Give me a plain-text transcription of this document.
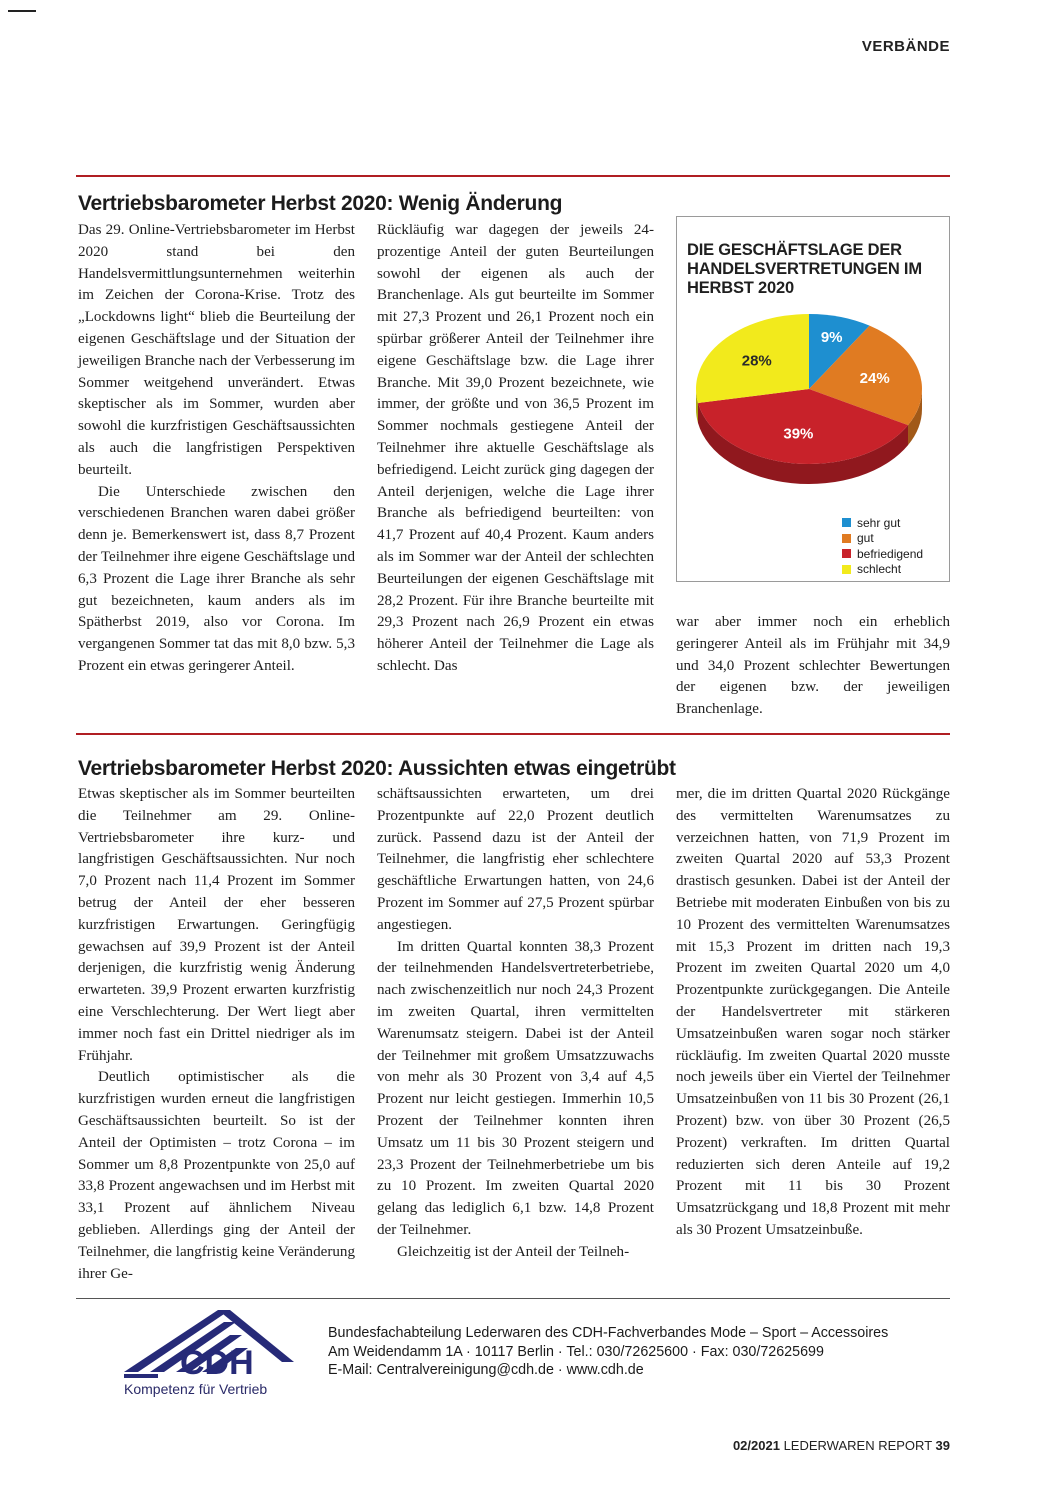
VERBÄNDE
Vertriebsbarometer Herbst 2020: Wenig Änderung

Das 29. Online-Vertriebsbarometer im Herbst 2020 stand bei den Handelsvermittlungsunternehmen weiterhin im Zeichen der Corona-Krise. Trotz des „Lockdowns light“ blieb die Beurteilung der eigenen Geschäftslage und der Situation der jeweiligen Branche nach der Verbesserung im Sommer weitgehend unverändert. Etwas skeptischer als im Sommer, wurden aber sowohl die kurzfristigen Geschäftsaussichten als auch die langfristigen Perspektiven beurteilt.

Die Unterschiede zwischen den verschiedenen Branchen waren dabei größer denn je. Bemerkenswert ist, dass 8,7 Prozent der Teilnehmer ihre eigene Geschäftslage und 6,3 Prozent die Lage ihrer Branche als sehr gut bezeichneten, kaum anders als im Spätherbst 2019, also vor Corona. Im vergangenen Sommer tat das mit 8,0 bzw. 5,3 Prozent ein etwas geringerer Anteil.

Rückläufig war dagegen der jeweils 24-prozentige Anteil der guten Beurteilungen sowohl der eigenen als auch der Branchenlage. Als gut beurteilte im Sommer mit 27,3 Prozent und 26,1 Prozent noch ein spürbar größerer Anteil der Teilnehmer ihre eigene Geschäftslage bzw. die Lage ihrer Branche. Mit 39,0 Prozent bezeichnete, wie immer, der größte und von 36,5 Prozent im Sommer nochmals gestiegene Anteil der Teilnehmer ihre aktuelle Geschäftslage als befriedigend. Leicht zurück ging dagegen der Anteil derjenigen, welche die Lage ihrer Branche als befriedigend beurteilten: von 41,7 Prozent auf 40,4 Prozent. Kaum anders als im Sommer war der Anteil der schlechten Beurteilungen der eigenen Geschäftslage mit 28,2 Prozent. Für ihre Branche beurteilte mit 29,3 Prozent nach 26,9 Prozent ein etwas höherer Anteil der Teilnehmer die Lage als schlecht. Das

DIE GESCHÄFTSLAGE DER HANDELSVERTRETUNGEN IM HERBST 2020
9%
24%
39%
28%
sehr gut
gut
befriedigend
schlecht

war aber immer noch ein erheblich geringerer Anteil als im Frühjahr mit 34,9 und 34,0 Prozent schlechter Bewertungen der eigenen bzw. der jeweiligen Branchenlage.

Vertriebsbarometer Herbst 2020: Aussichten etwas eingetrübt

Etwas skeptischer als im Sommer beurteilten die Teilnehmer am 29. Online-Vertriebsbarometer ihre kurz- und langfristigen Geschäftsaussichten. Nur noch 7,0 Prozent nach 11,4 Prozent im Sommer betrug der Anteil der eher besseren kurzfristigen Erwartungen. Geringfügig gewachsen auf 39,9 Prozent ist der Anteil derjenigen, die kurzfristig wenig Änderung erwarteten. 39,9 Prozent erwarten kurzfristig eine Verschlechterung. Der Wert liegt aber immer noch fast ein Drittel niedriger als im Frühjahr.

Deutlich optimistischer als die kurzfristigen wurden erneut die langfristigen Geschäftsaussichten beurteilt. So ist der Anteil der Optimisten – trotz Corona – im Sommer um 8,8 Prozentpunkte von 25,0 auf 33,8 Prozent angewachsen und im Herbst mit 33,1 Prozent auf ähnlichem Niveau geblieben. Allerdings ging der Anteil der Teilnehmer, die langfristig keine Veränderung ihrer Ge-

schäftsaussichten erwarteten, um drei Prozentpunkte auf 22,0 Prozent deutlich zurück. Passend dazu ist der Anteil der Teilnehmer, die langfristig eher schlechtere geschäftliche Erwartungen hatten, von 24,6 Prozent im Sommer auf 27,5 Prozent spürbar angestiegen.

Im dritten Quartal konnten 38,3 Prozent der teilnehmenden Handelsvertreterbetriebe, nach zwischenzeitlich nur noch 24,3 Prozent im zweiten Quartal, ihren vermittelten Warenumsatz steigern. Dabei ist der Anteil der Teilnehmer mit großem Umsatzzuwachs von mehr als 30 Prozent von 3,4 auf 4,5 Prozent nur leicht gestiegen. Immerhin 10,5 Prozent der Teilnehmer konnten ihren Umsatz um 11 bis 30 Prozent steigern und 23,3 Prozent der Teilnehmerbetriebe um bis zu 10 Prozent. Im zweiten Quartal 2020 gelang das lediglich 6,1 bzw. 14,8 Prozent der Teilnehmer.

Gleichzeitig ist der Anteil der Teilneh-

mer, die im dritten Quartal 2020 Rückgänge des vermittelten Warenumsatzes zu verzeichnen hatten, von 71,9 Prozent im zweiten Quartal 2020 auf 53,3 Prozent drastisch gesunken. Dabei ist der Anteil der Betriebe mit moderaten Einbußen von bis zu 10 Prozent des vermittelten Warenumsatzes mit 15,3 Prozent im dritten nach 19,3 Prozent im zweiten Quartal 2020 um 4,0 Prozentpunkte zurückgegangen. Die Anteile der Handelsvertreter mit stärkeren Umsatzeinbußen waren sogar noch stärker rückläufig. Im zweiten Quartal 2020 musste noch jeweils über ein Viertel der Teilnehmer Umsatzeinbußen von 11 bis 30 Prozent (26,1 Prozent) bzw. von über 30 Prozent (26,5 Prozent) verkraften. Im dritten Quartal reduzierten sich deren Anteile auf 19,2 Prozent mit 11 bis 30 Prozent Umsatzrückgang und 18,8 Prozent mit mehr als 30 Prozent Umsatzeinbuße.

CDH
Kompetenz für Vertrieb
Bundesfachabteilung Lederwaren des CDH-Fachverbandes Mode – Sport – Accessoires
Am Weidendamm 1A · 10117 Berlin · Tel.: 030/72625600 · Fax: 030/72625699
E-Mail: Centralvereinigung@cdh.de · www.cdh.de
02/2021 LEDERWAREN REPORT 39
